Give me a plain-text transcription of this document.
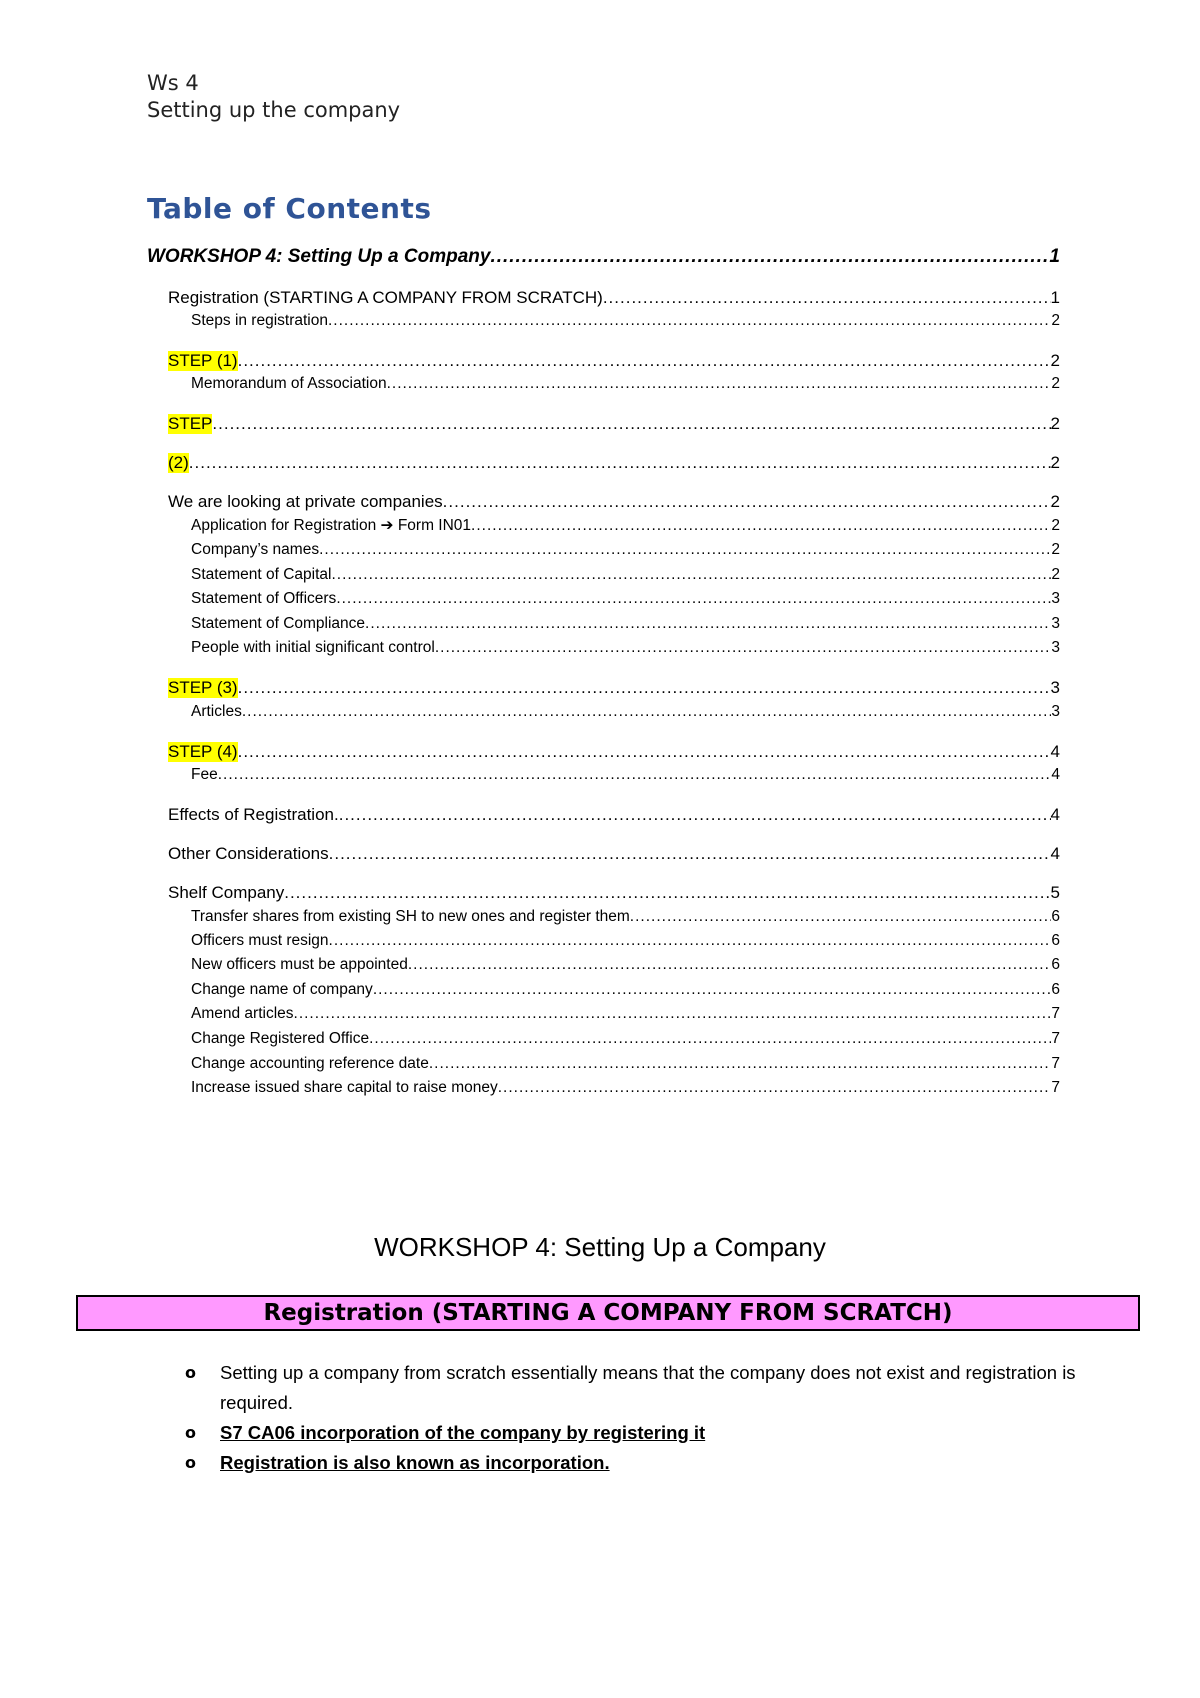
Ws 4
Setting up the company
Table of Contents
WORKSHOP 4: Setting Up a Company .....	1
Registration (STARTING A COMPANY FROM SCRATCH) .....	1
Steps in registration .....	2
STEP (1) .....	2
Memorandum of Association .....	2
STEP .....	2
(2) .....	2
We are looking at private companies .....	2
Application for Registration ➔ Form IN01 .....	2
Company’s names .....	2
Statement of Capital .....	2
Statement of Officers .....	3
Statement of Compliance .....	3
People with initial significant control .....	3
STEP (3) .....	3
Articles .....	3
STEP (4) .....	4
Fee .....	4
Effects of Registration. .....	4
Other Considerations .....	4
Shelf Company .....	5
Transfer shares from existing SH to new ones and register them .....	6
Officers must resign .....	6
New officers must be appointed .....	6
Change name of company .....	6
Amend articles .....	7
Change Registered Office .....	7
Change accounting reference date .....	7
Increase issued share capital to raise money .....	7
WORKSHOP 4: Setting Up a Company
Registration (STARTING A COMPANY FROM SCRATCH)
o Setting up a company from scratch essentially means that the company does not exist and registration is required.
o S7 CA06 incorporation of the company by registering it
o Registration is also known as incorporation.
